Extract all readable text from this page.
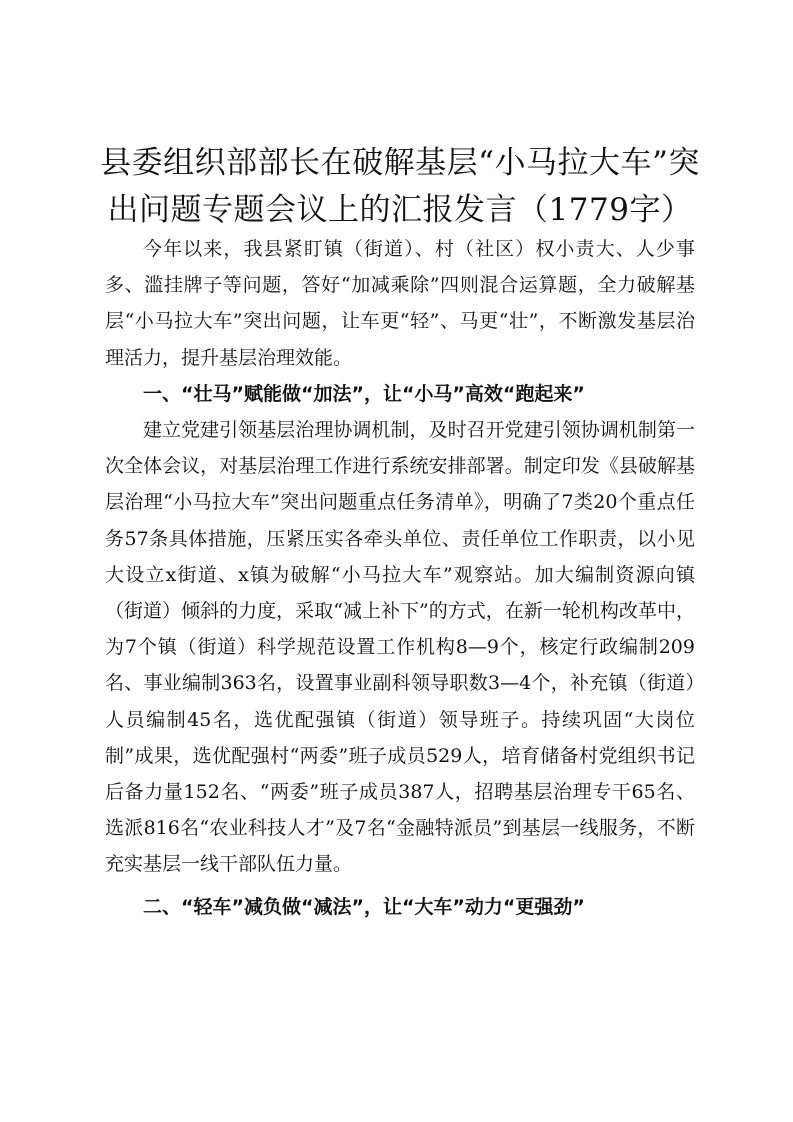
县委组织部部长在破解基层“小马拉大车”突出问题专题会议上的汇报发言（1779字）

今年以来，我县紧盯镇（街道）、村（社区）权小责大、人少事多、滥挂牌子等问题，答好“加减乘除”四则混合运算题，全力破解基层“小马拉大车”突出问题，让车更“轻”、马更“壮”，不断激发基层治理活力，提升基层治理效能。

一、“壮马”赋能做“加法”，让“小马”高效“跑起来”

建立党建引领基层治理协调机制，及时召开党建引领协调机制第一次全体会议，对基层治理工作进行系统安排部署。制定印发《县破解基层治理“小马拉大车”突出问题重点任务清单》，明确了7类20个重点任务57条具体措施，压紧压实各牵头单位、责任单位工作职责，以小见大设立x街道、x镇为破解“小马拉大车”观察站。加大编制资源向镇（街道）倾斜的力度，采取“减上补下”的方式，在新一轮机构改革中，为7个镇（街道）科学规范设置工作机构8—9个，核定行政编制209名、事业编制363名，设置事业副科领导职数3—4个，补充镇（街道）人员编制45名，选优配强镇（街道）领导班子。持续巩固“大岗位制”成果，选优配强村“两委”班子成员529人，培育储备村党组织书记后备力量152名、“两委”班子成员387人，招聘基层治理专干65名、选派816名“农业科技人才”及7名“金融特派员”到基层一线服务，不断充实基层一线干部队伍力量。

二、“轻车”减负做“减法”，让“大车”动力“更强劲”
